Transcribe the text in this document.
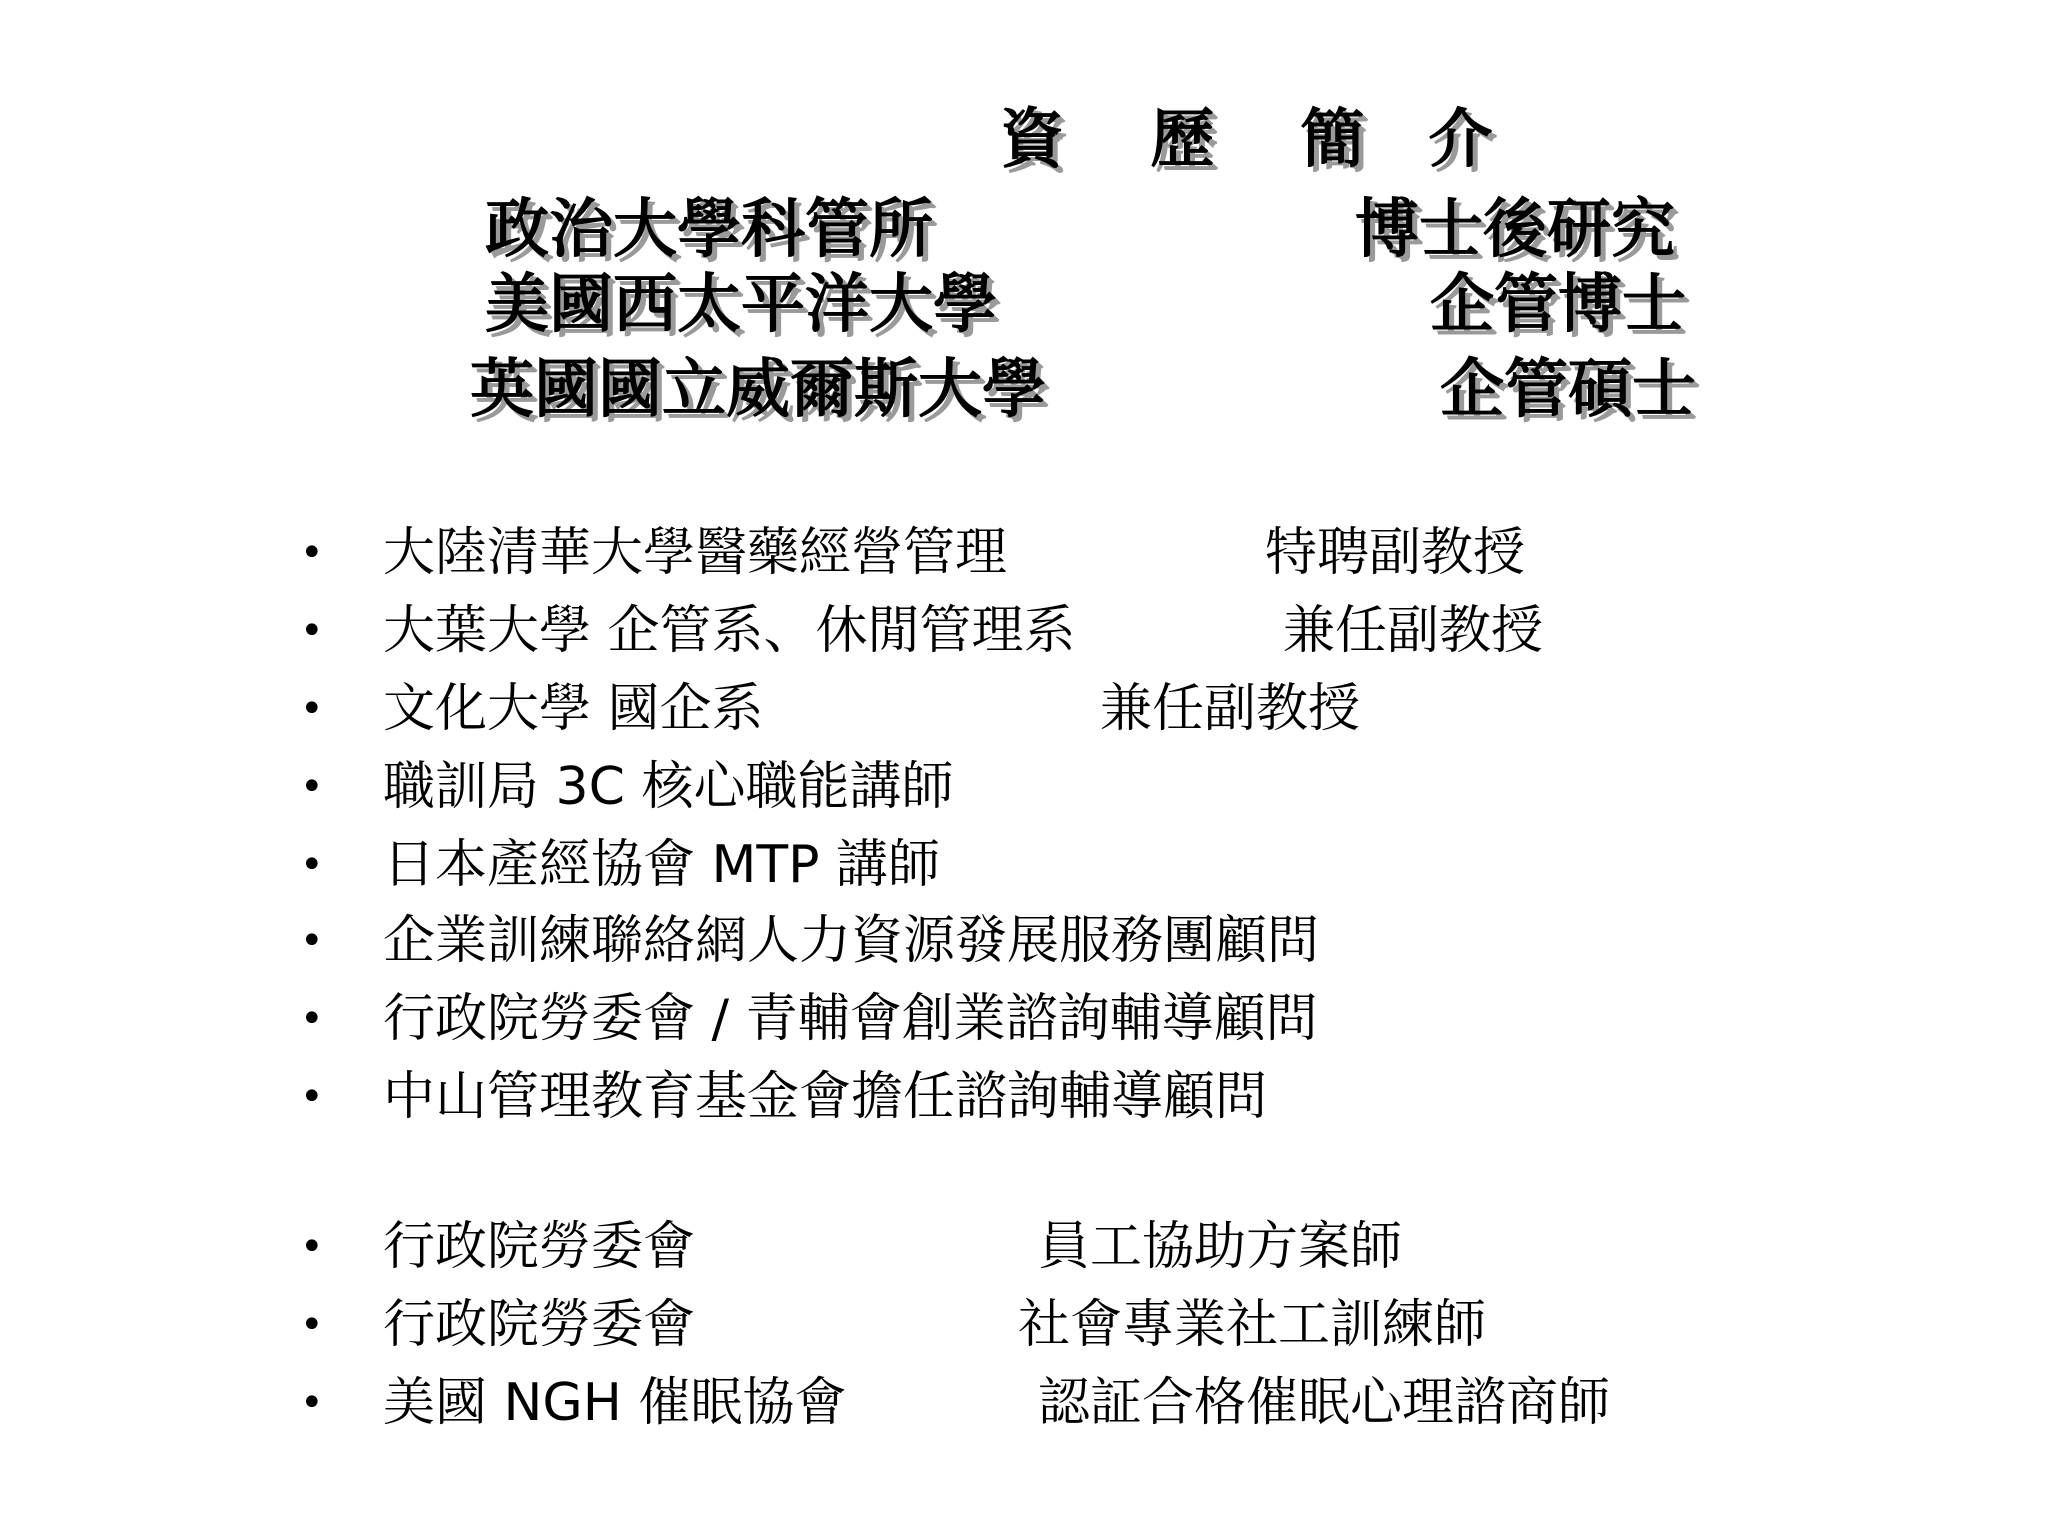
資　 歷　 簡　介
政治大學科管所	博士後研究
美國西太平洋大學	企管博士
英國國立威爾斯大學	企管碩士
•	大陸清華大學醫藥經營管理	特聘副教授
•	大葉大學 企管系、休閒管理系	兼任副教授
•	文化大學 國企系	兼任副教授
•	職訓局 3C 核心職能講師
•	日本產經協會 MTP 講師
•	企業訓練聯絡網人力資源發展服務團顧問
•	行政院勞委會 / 青輔會創業諮詢輔導顧問
•	中山管理教育基金會擔任諮詢輔導顧問
•	行政院勞委會	員工協助方案師
•	行政院勞委會	社會專業社工訓練師
•	美國 NGH 催眠協會	認証合格催眠心理諮商師
